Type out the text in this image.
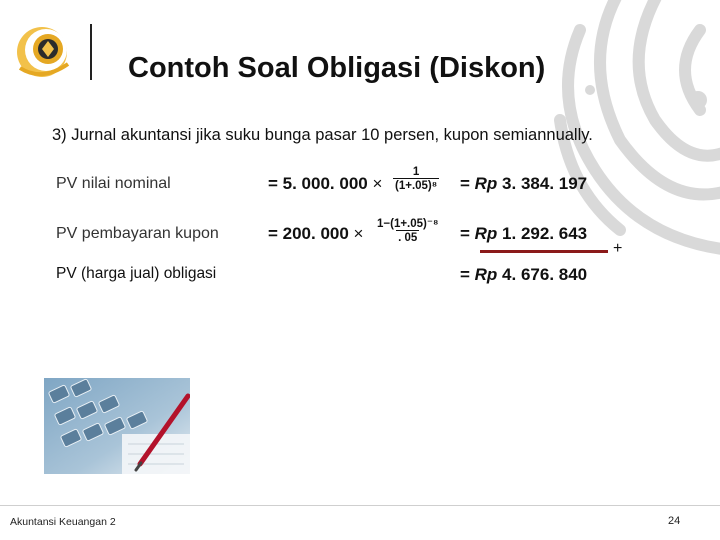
Contoh Soal Obligasi (Diskon)
3) Jurnal akuntansi jika suku bunga pasar 10 persen, kupon semiannually.
PV nilai nominal	= 5. 000. $000 \times \frac{1}{\text{(1+.05)⁸}} = Rp$ 3. 384. 197
PV pembayaran kupon	= 200. $000 \times \frac{\text{1−(1+.05)⁻⁸}}{. 05} = Rp$ 1. 292. 643
+
PV (harga jual) obligasi	= Rp 4. 676. 840
Akuntansi Keuangan 2	24
